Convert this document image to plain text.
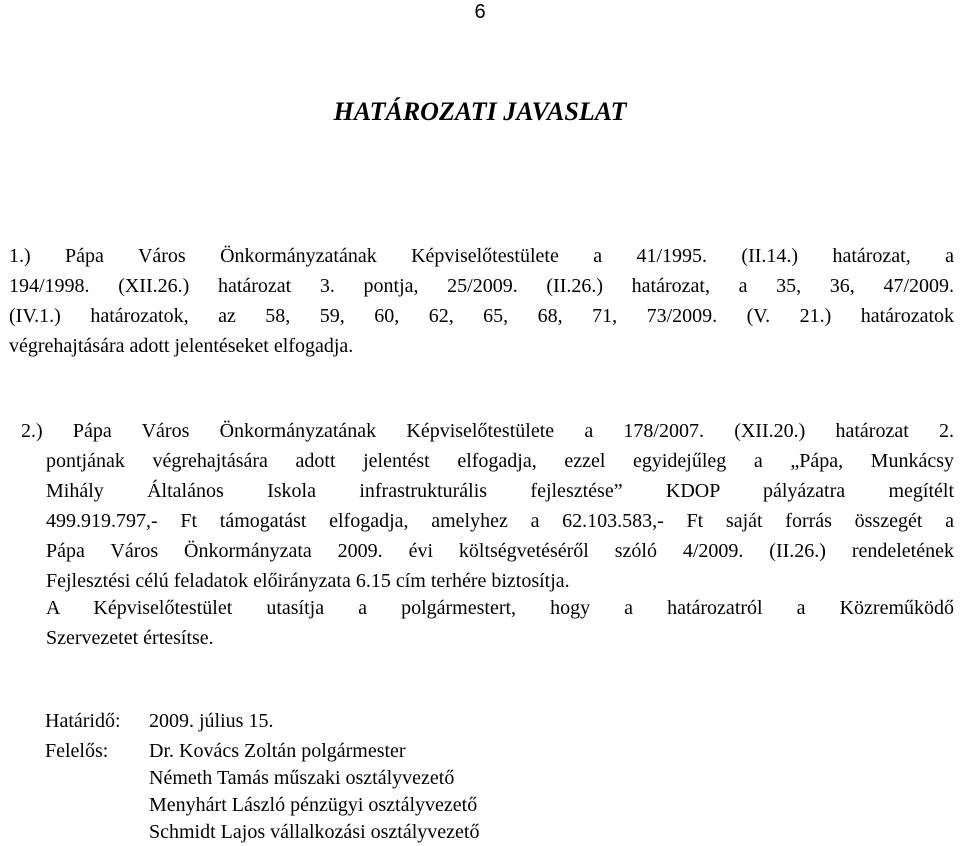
6
HATÁROZATI JAVASLAT
1.) Pápa Város Önkormányzatának Képviselőtestülete a 41/1995. (II.14.) határozat, a
194/1998. (XII.26.) határozat 3. pontja, 25/2009. (II.26.) határozat, a 35, 36, 47/2009.
(IV.1.) határozatok, az 58, 59, 60, 62, 65, 68, 71, 73/2009. (V. 21.) határozatok
végrehajtására adott jelentéseket elfogadja.
2.) Pápa Város Önkormányzatának Képviselőtestülete a 178/2007. (XII.20.) határozat 2.
pontjának végrehajtására adott jelentést elfogadja, ezzel egyidejűleg a „Pápa, Munkácsy
Mihály Általános Iskola infrastrukturális fejlesztése” KDOP pályázatra megítélt
499.919.797,- Ft támogatást elfogadja, amelyhez a 62.103.583,- Ft saját forrás összegét a
Pápa Város Önkormányzata 2009. évi költségvetéséről szóló 4/2009. (II.26.) rendeletének
Fejlesztési célú feladatok előirányzata 6.15 cím terhére biztosítja.
A Képviselőtestület utasítja a polgármestert, hogy a határozatról a Közreműködő
Szervezetet értesítse.
Határidő:	2009. július 15.
Felelős:	Dr. Kovács Zoltán polgármester
Németh Tamás műszaki osztályvezető
Menyhárt László pénzügyi osztályvezető
Schmidt Lajos vállalkozási osztályvezető
